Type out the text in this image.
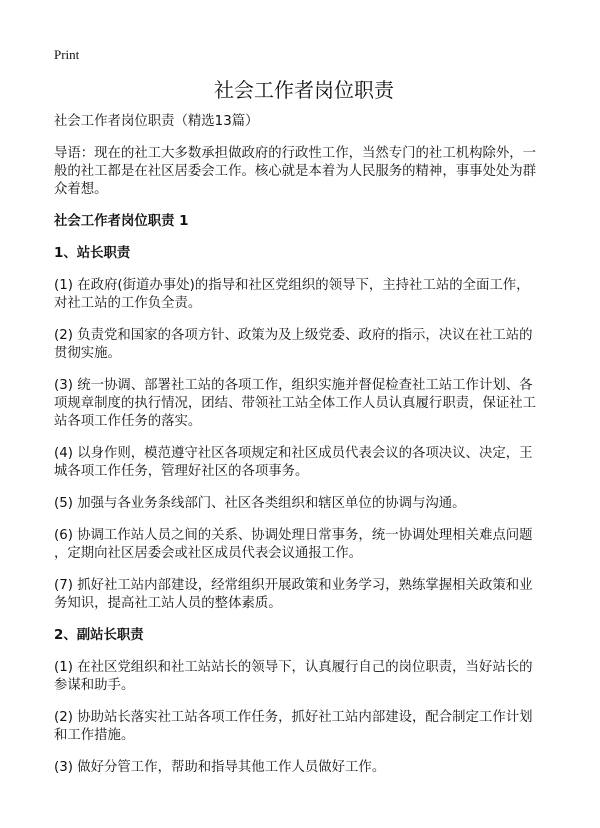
Print
社会工作者岗位职责

社会工作者岗位职责（精选13篇）

导语：现在的社工大多数承担做政府的行政性工作，当然专门的社工机构除外，一
般的社工都是在社区居委会工作。核心就是本着为人民服务的精神，事事处处为群
众着想。

社会工作者岗位职责 1

1、站长职责

(1) 在政府(街道办事处)的指导和社区党组织的领导下，主持社工站的全面工作，
对社工站的工作负全责。

(2) 负责党和国家的各项方针、政策为及上级党委、政府的指示，决议在社工站的
贯彻实施。

(3) 统一协调、部署社工站的各项工作，组织实施并督促检查社工站工作计划、各
项规章制度的执行情况，团结、带领社工站全体工作人员认真履行职责，保证社工
站各项工作任务的落实。

(4) 以身作则，模范遵守社区各项规定和社区成员代表会议的各项决议、决定，王
城各项工作任务，管理好社区的各项事务。

(5) 加强与各业务条线部门、社区各类组织和辖区单位的协调与沟通。

(6) 协调工作站人员之间的关系、协调处理日常事务，统一协调处理相关难点问题
，定期向社区居委会或社区成员代表会议通报工作。

(7) 抓好社工站内部建设，经常组织开展政策和业务学习，熟练掌握相关政策和业
务知识，提高社工站人员的整体素质。

2、副站长职责

(1) 在社区党组织和社工站站长的领导下，认真履行自己的岗位职责，当好站长的
参谋和助手。

(2) 协助站长落实社工站各项工作任务，抓好社工站内部建设，配合制定工作计划
和工作措施。

(3) 做好分管工作，帮助和指导其他工作人员做好工作。
